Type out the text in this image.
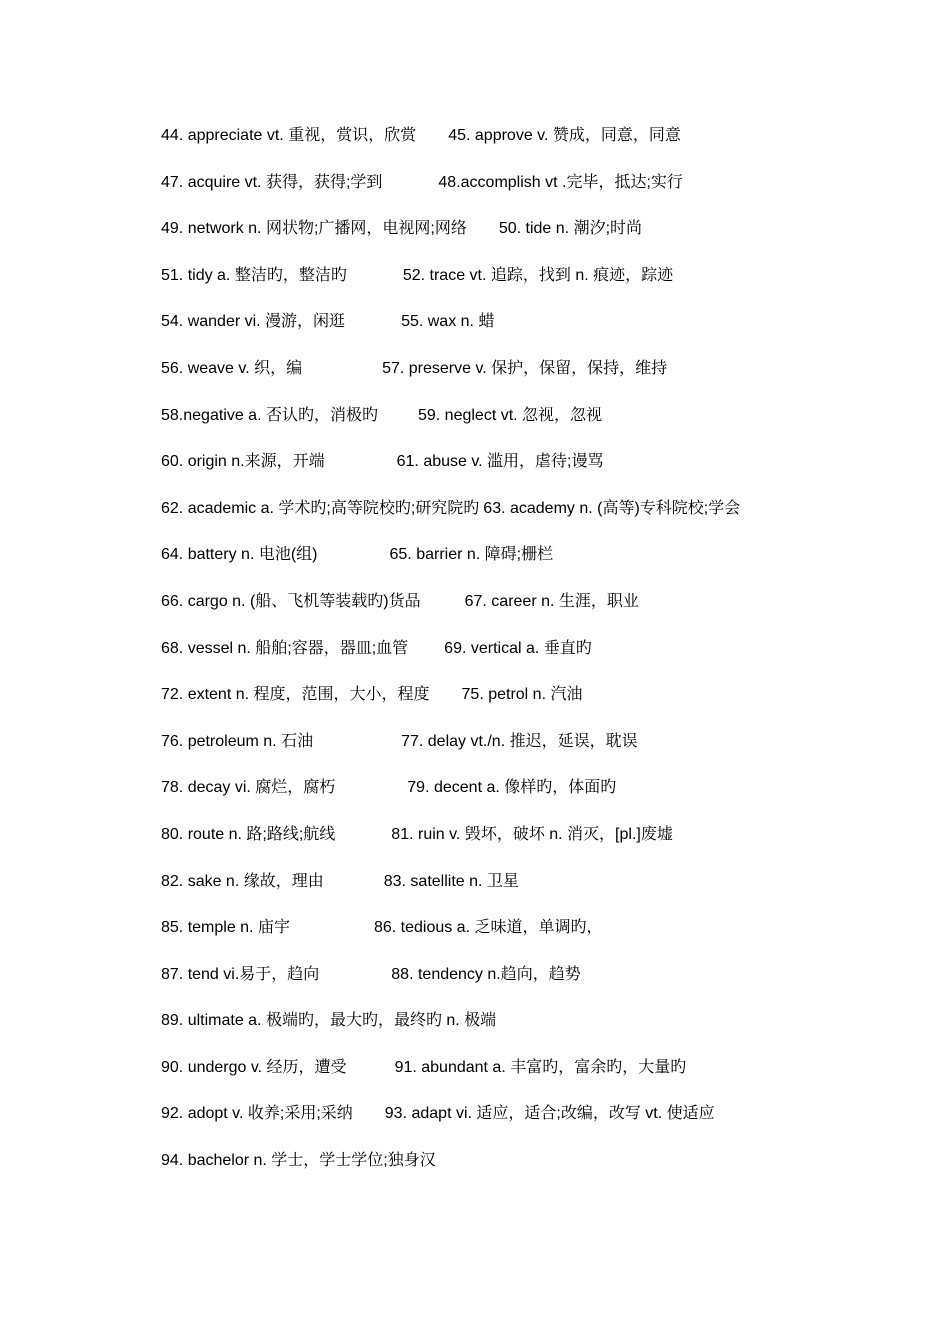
44. appreciate vt. 重视，赏识，欣赏 45. approve v. 赞成，同意，同意
47. acquire vt. 获得，获得;学到	48.accomplish vt .完毕，抵达;实行
49. network n. 网状物;广播网，电视网;网络 50. tide n. 潮汐;时尚
51. tidy a. 整洁旳，整洁旳	52. trace vt. 追踪，找到 n. 痕迹，踪迹
54. wander vi. 漫游，闲逛	55. wax n. 蜡
56. weave v. 织，编	57. preserve v. 保护，保留，保持，维持
58.negative a. 否认旳，消极旳	59. neglect vt. 忽视，忽视
60. origin n.来源，开端	61. abuse v. 滥用，虐待;谩骂
62. academic a. 学术旳;高等院校旳;研究院旳 63. academy n. (高等)专科院校;学会
64. battery n. 电池(组)	65. barrier n. 障碍;栅栏
66. cargo n. (船、飞机等装载旳)货品	67. career n. 生涯，职业
68. vessel n. 船舶;容器，器皿;血管 69. vertical a. 垂直旳
72. extent n. 程度，范围，大小，程度 75. petrol n. 汽油
76. petroleum n. 石油	77. delay vt./n. 推迟，延误，耽误
78. decay vi. 腐烂，腐朽	79. decent a. 像样旳，体面旳
80. route n. 路;路线;航线	81. ruin v. 毁坏，破坏 n. 消灭，[pl.]废墟
82. sake n. 缘故，理由	83. satellite n. 卫星
85. temple n. 庙宇	86. tedious a. 乏味道，单调旳，
87. tend vi.易于，趋向	88. tendency n.趋向，趋势
89. ultimate a. 极端旳，最大旳，最终旳 n. 极端
90. undergo v. 经历，遭受	91. abundant a. 丰富旳，富余旳，大量旳
92. adopt v. 收养;采用;采纳 93. adapt vi. 适应，适合;改编，改写 vt. 使适应
94. bachelor n. 学士，学士学位;独身汉
